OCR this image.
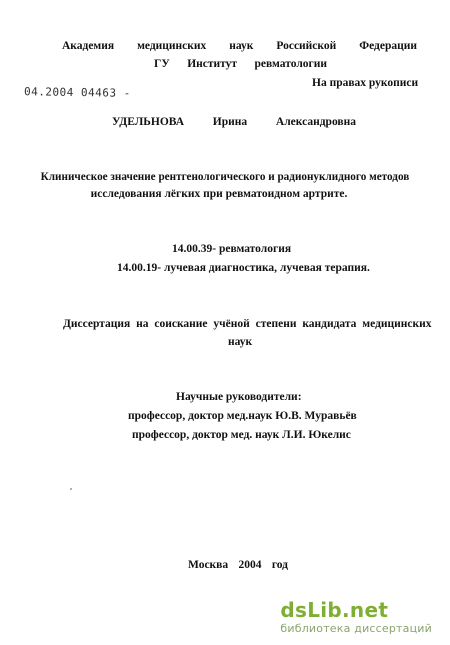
Академия медицинских наук Российской Федерации
ГУ Институт ревматологии
На правах рукописи
04.2004 04463 -
УДЕЛЬНОВА	Ирина	Александровна
Клиническое значение рентгенологического и радионуклидного методов
исследования лёгких при ревматоидном артрите.
14.00.39- ревматология
14.00.19- лучевая диагностика, лучевая терапия.
Диссертация на соискание учёной степени кандидата медицинских
наук
Научные руководители:
профессор, доктор мед.наук Ю.В. Муравьёв
профессор, доктор мед. наук Л.И. Юкелис
Москва 2004 год
dsLib.net
библиотека диссертаций
